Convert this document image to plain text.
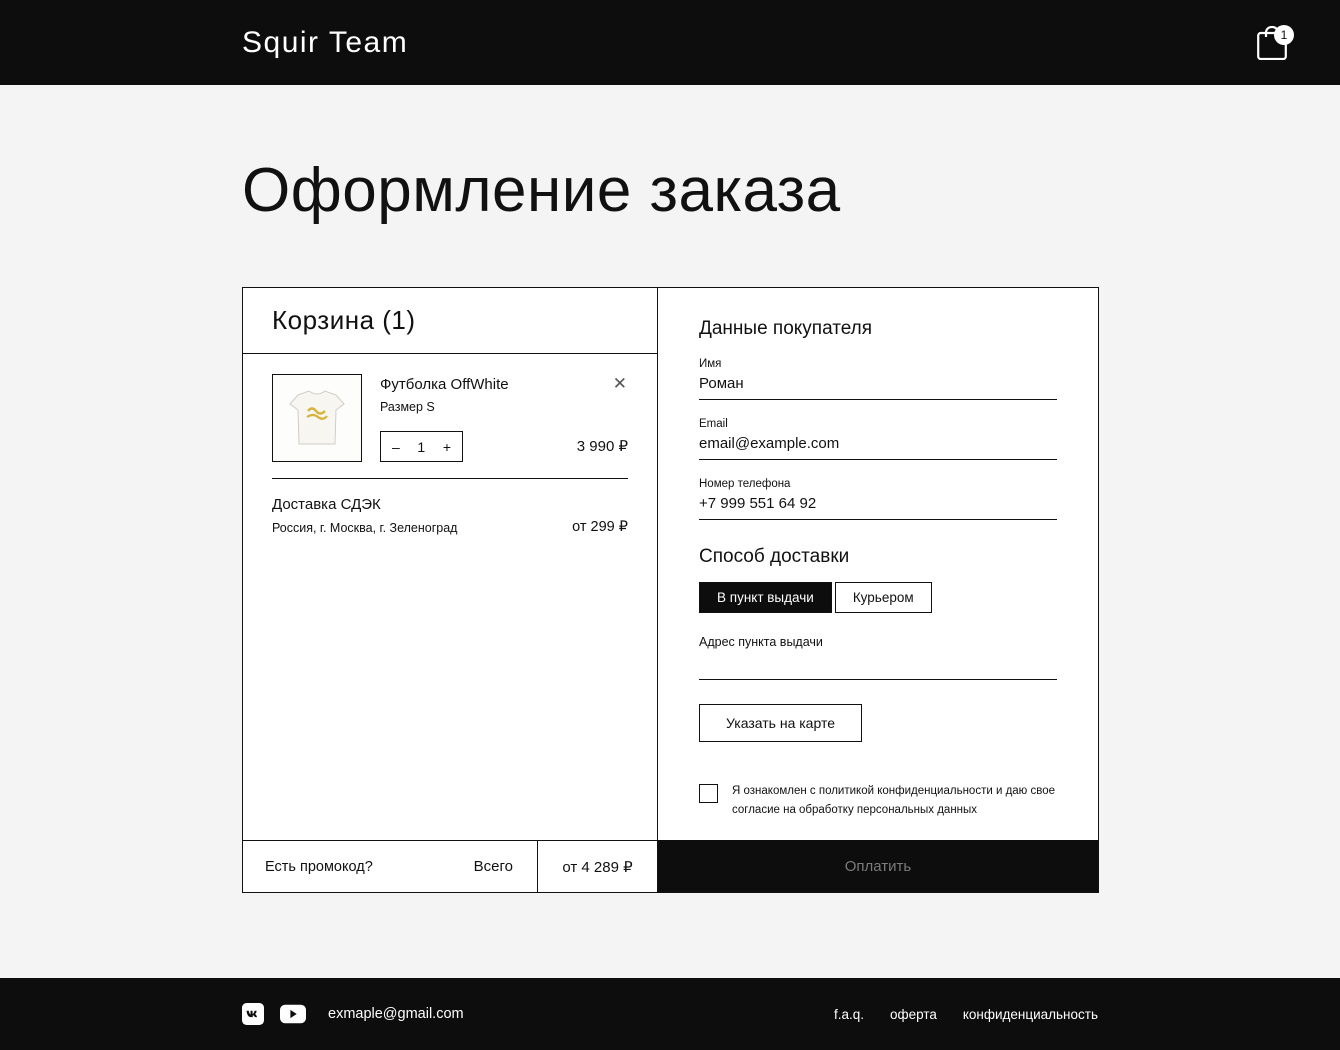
Squir Team	1
Оформление заказа
Корзина (1)
Футболка OffWhite
Размер S
– 1 +	3 990 ₽
✕
Доставка СДЭК
Россия, г. Москва, г. Зеленоград	от 299 ₽
Есть промокод?	Всего	от 4 289 ₽
Данные покупателя
Имя
Роман
Email
email@example.com
Номер телефона
+7 999 551 64 92
Способ доставки
В пункт выдачи	Курьером
Адрес пункта выдачи
Указать на карте
Я ознакомлен с политикой конфиденциальности и даю свое согласие на обработку персональных данных
Оплатить
exmaple@gmail.com	f.a.q. оферта конфиденциальность
